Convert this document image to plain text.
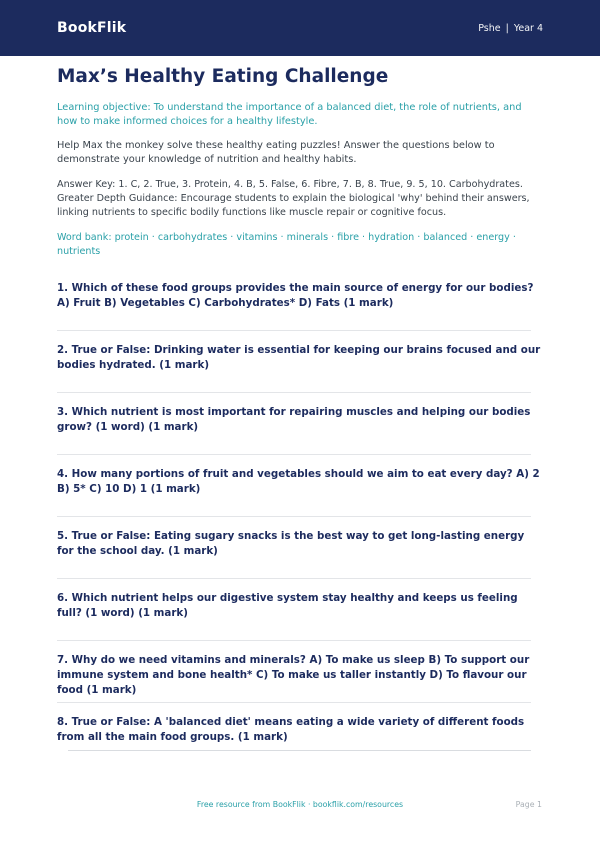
BookFlik	Pshe | Year 4
Max’s Healthy Eating Challenge

Learning objective: To understand the importance of a balanced diet, the role of nutrients, and how to make informed choices for a healthy lifestyle.

Help Max the monkey solve these healthy eating puzzles! Answer the questions below to demonstrate your knowledge of nutrition and healthy habits.

Answer Key: 1. C, 2. True, 3. Protein, 4. B, 5. False, 6. Fibre, 7. B, 8. True, 9. 5, 10. Carbohydrates. Greater Depth Guidance: Encourage students to explain the biological 'why' behind their answers, linking nutrients to specific bodily functions like muscle repair or cognitive focus.

Word bank: protein · carbohydrates · vitamins · minerals · fibre · hydration · balanced · energy · nutrients

1. Which of these food groups provides the main source of energy for our bodies? A) Fruit B) Vegetables C) Carbohydrates* D) Fats (1 mark)

2. True or False: Drinking water is essential for keeping our brains focused and our bodies hydrated. (1 mark)

3. Which nutrient is most important for repairing muscles and helping our bodies grow? (1 word) (1 mark)

4. How many portions of fruit and vegetables should we aim to eat every day? A) 2 B) 5* C) 10 D) 1 (1 mark)

5. True or False: Eating sugary snacks is the best way to get long-lasting energy for the school day. (1 mark)

6. Which nutrient helps our digestive system stay healthy and keeps us feeling full? (1 word) (1 mark)

7. Why do we need vitamins and minerals? A) To make us sleep B) To support our immune system and bone health* C) To make us taller instantly D) To flavour our food (1 mark)

8. True or False: A 'balanced diet' means eating a wide variety of different foods from all the main food groups. (1 mark)

Free resource from BookFlik · bookflik.com/resources	Page 1
